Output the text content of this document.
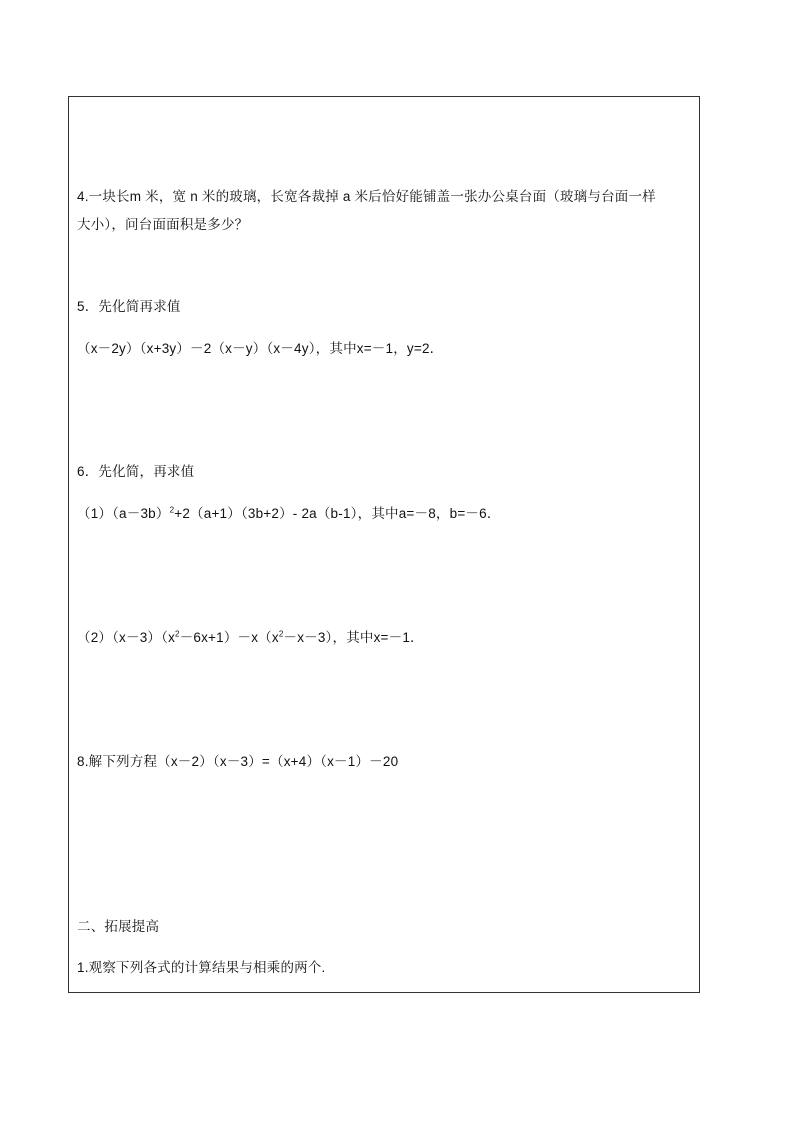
4.一块长m 米，宽 n 米的玻璃，长宽各裁掉 a 米后恰好能铺盖一张办公桌台面（玻璃与台面一样
大小），问台面面积是多少？
5．先化简再求值
（x－2y）（x+3y）－2（x－y）（x－4y），其中x=－1，y=2．
6．先化简，再求值
$(1)(a-3b)^2+2(a+1)(3b+2)-$ 2a（b-1），其中a=－8，b=－6．
$(2)(x-3)(x^2-6x+1)-x(x^2-x-3)$，其中x=－1．
8.解下列方程（x－2）（x－3）=（x+4）（x－1）－20
二、拓展提高
1.观察下列各式的计算结果与相乘的两个.
